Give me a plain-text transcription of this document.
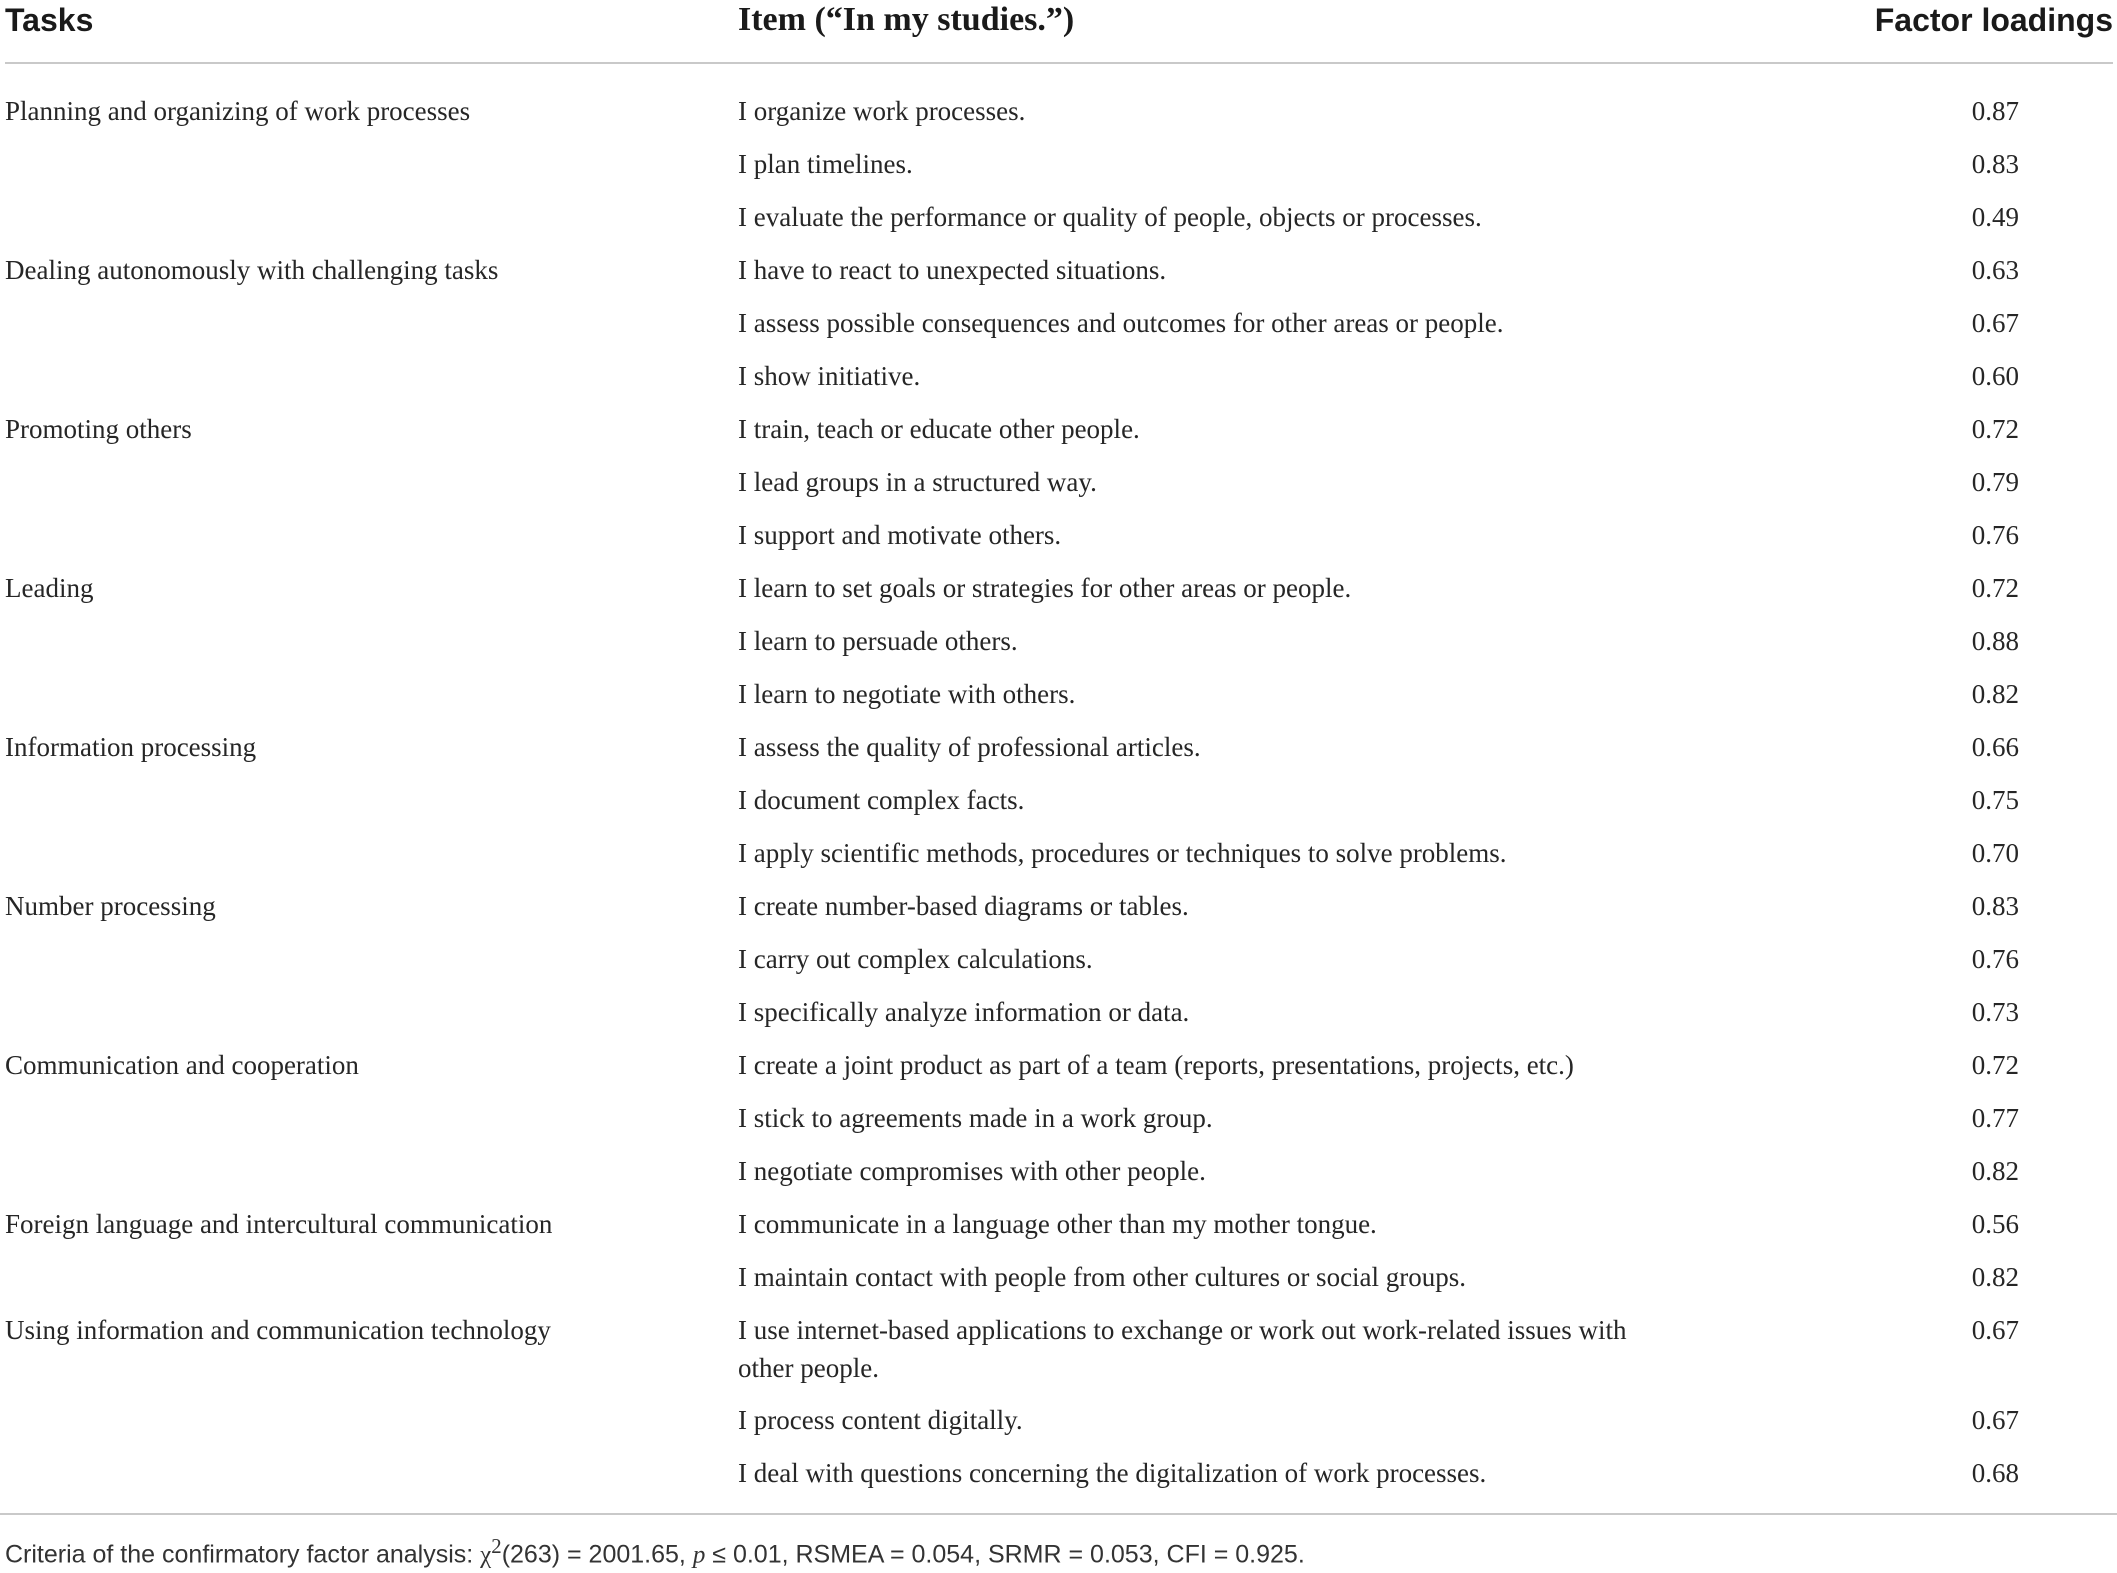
Tasks	Item (“In my studies.”)	Factor loadings
Planning and organizing of work processes	I organize work processes.	0.87
	I plan timelines.	0.83
	I evaluate the performance or quality of people, objects or processes.	0.49
Dealing autonomously with challenging tasks	I have to react to unexpected situations.	0.63
	I assess possible consequences and outcomes for other areas or people.	0.67
	I show initiative.	0.60
Promoting others	I train, teach or educate other people.	0.72
	I lead groups in a structured way.	0.79
	I support and motivate others.	0.76
Leading	I learn to set goals or strategies for other areas or people.	0.72
	I learn to persuade others.	0.88
	I learn to negotiate with others.	0.82
Information processing	I assess the quality of professional articles.	0.66
	I document complex facts.	0.75
	I apply scientific methods, procedures or techniques to solve problems.	0.70
Number processing	I create number-based diagrams or tables.	0.83
	I carry out complex calculations.	0.76
	I specifically analyze information or data.	0.73
Communication and cooperation	I create a joint product as part of a team (reports, presentations, projects, etc.)	0.72
	I stick to agreements made in a work group.	0.77
	I negotiate compromises with other people.	0.82
Foreign language and intercultural communication	I communicate in a language other than my mother tongue.	0.56
	I maintain contact with people from other cultures or social groups.	0.82
Using information and communication technology	I use internet-based applications to exchange or work out work-related issues with other people.	0.67
	I process content digitally.	0.67
	I deal with questions concerning the digitalization of work processes.	0.68
Criteria of the confirmatory factor analysis: $\chi^2(263) = 2001.65$, p ≤ 0.01, RSMEA = 0.054, SRMR = 0.053, CFI = 0.925.
